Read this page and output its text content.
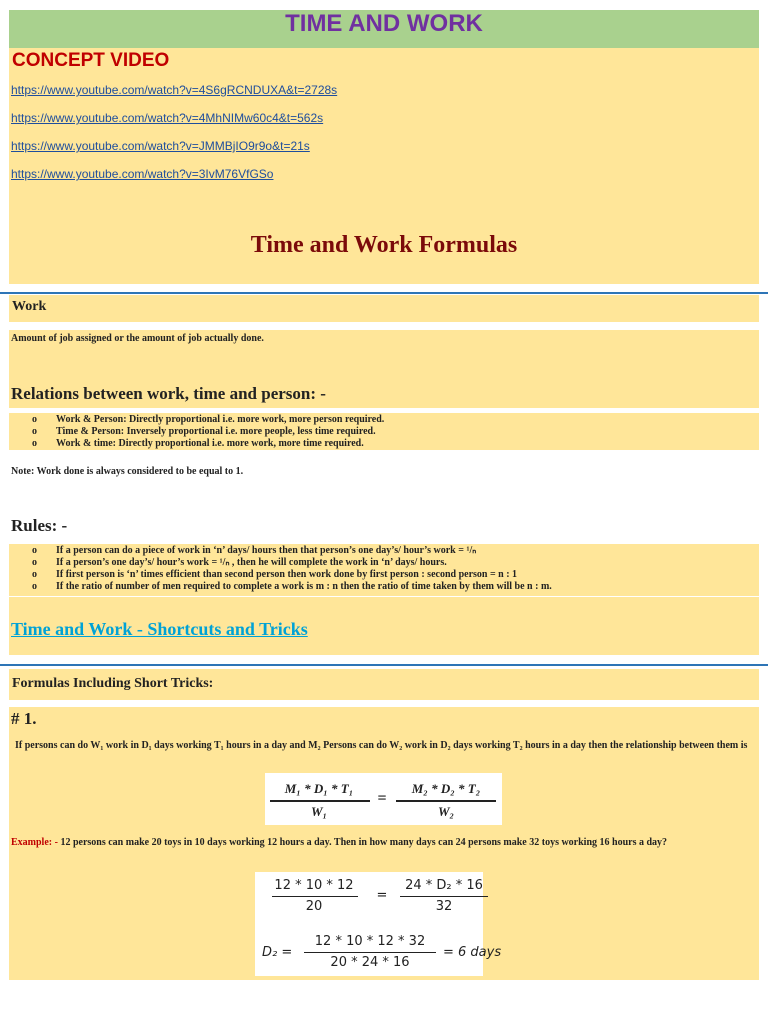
TIME AND WORK
CONCEPT VIDEO
https://www.youtube.com/watch?v=4S6gRCNDUXA&t=2728s
https://www.youtube.com/watch?v=4MhNIMw60c4&t=562s
https://www.youtube.com/watch?v=JMMBjIO9r9o&t=21s
https://www.youtube.com/watch?v=3IvM76VfGSo
Time and Work Formulas
Work
Amount of job assigned or the amount of job actually done.
Relations between work, time and person: -
o	Work & Person: Directly proportional i.e. more work, more person required.
o	Time & Person: Inversely proportional i.e. more people, less time required.
o	Work & time: Directly proportional i.e. more work, more time required.
Note: Work done is always considered to be equal to 1.
Rules: -
o	If a person can do a piece of work in ‘n’ days/ hours then that person’s one day’s/ hour’s work = ¹/ₙ
o	If a person’s one day’s/ hour’s work = ¹/ₙ , then he will complete the work in ‘n’ days/ hours.
o	If first person is ‘n’ times efficient than second person then work done by first person : second person = n : 1
o	If the ratio of number of men required to complete a work is m : n then the ratio of time taken by them will be n : m.
Time and Work - Shortcuts and Tricks
Formulas Including Short Tricks:
# 1.
If persons can do W₁ work in D₁ days working T₁ hours in a day and M₂ Persons can do W₂ work in D₂ days working T₂ hours in a day then the relationship between them is
M₁ * D₁ * T₁
W₁
=
M₂ * D₂ * T₂
W₂
Example: - 12 persons can make 20 toys in 10 days working 12 hours a day. Then in how many days can 24 persons make 32 toys working 16 hours a day?
12 * 10 * 12
20
=
24 * D₂ * 16
32
D₂ =
12 * 10 * 12 * 32
20 * 24 * 16
= 6 days
